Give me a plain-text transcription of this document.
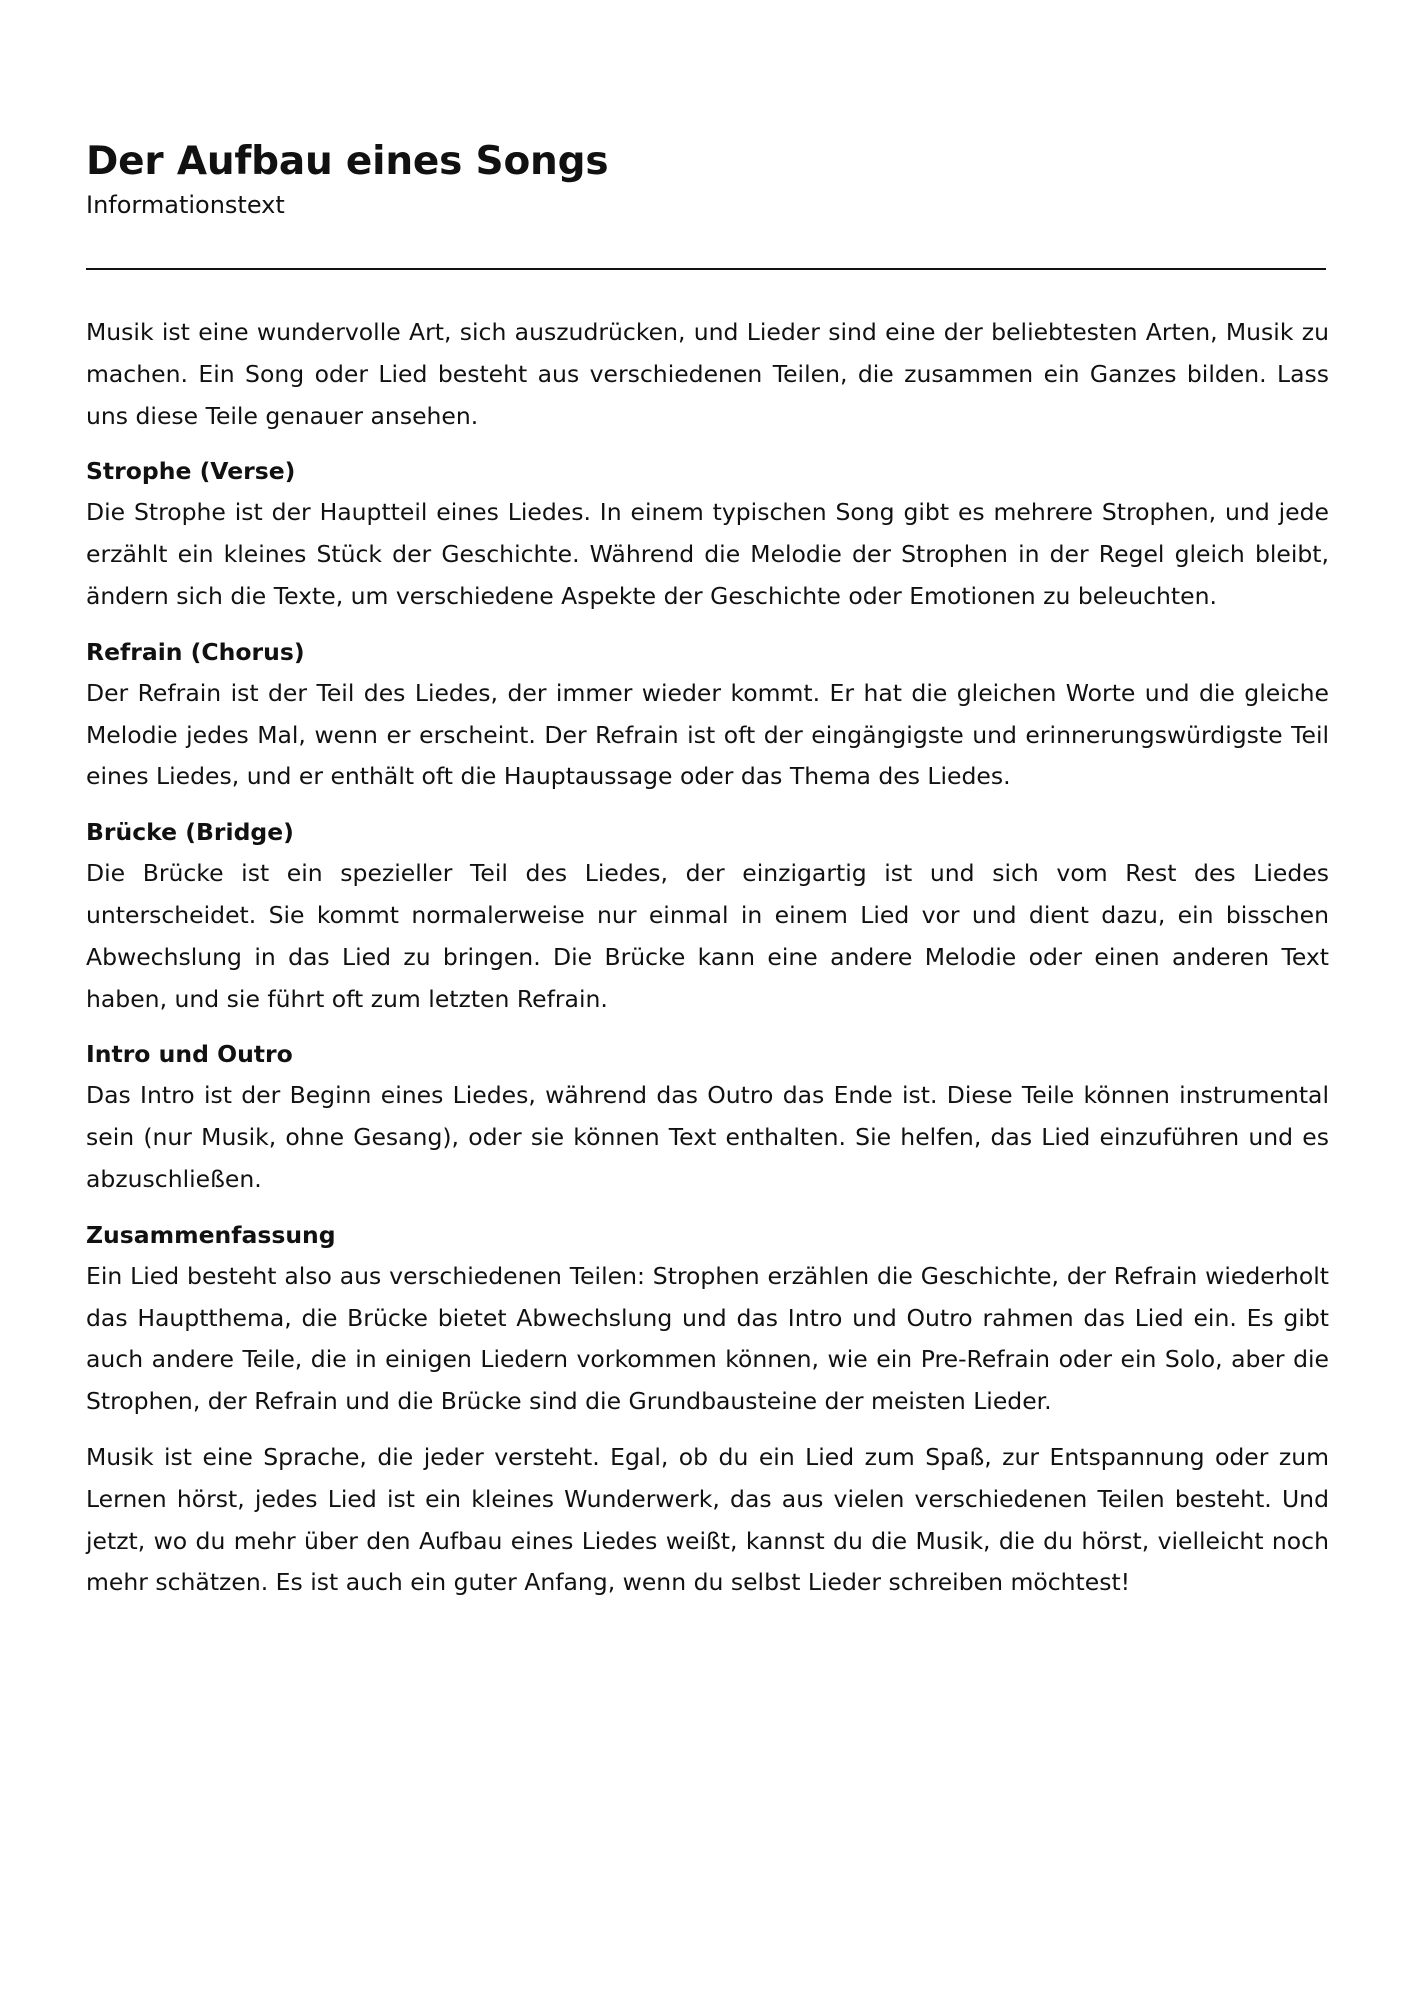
Der Aufbau eines Songs
Informationstext

Musik ist eine wundervolle Art, sich auszudrücken, und Lieder sind eine der beliebtesten Arten, Musik zu machen. Ein Song oder Lied besteht aus verschiedenen Teilen, die zusammen ein Ganzes bilden. Lass uns diese Teile genauer ansehen.

Strophe (Verse)

Die Strophe ist der Hauptteil eines Liedes. In einem typischen Song gibt es mehrere Strophen, und jede erzählt ein kleines Stück der Geschichte. Während die Melodie der Strophen in der Regel gleich bleibt, ändern sich die Texte, um verschiedene Aspekte der Geschichte oder Emotionen zu beleuchten.

Refrain (Chorus)

Der Refrain ist der Teil des Liedes, der immer wieder kommt. Er hat die gleichen Worte und die gleiche Melodie jedes Mal, wenn er erscheint. Der Refrain ist oft der eingängigste und erinnerungswürdigste Teil eines Liedes, und er enthält oft die Hauptaussage oder das Thema des Liedes.

Brücke (Bridge)

Die Brücke ist ein spezieller Teil des Liedes, der einzigartig ist und sich vom Rest des Liedes unterscheidet. Sie kommt normalerweise nur einmal in einem Lied vor und dient dazu, ein bisschen Abwechslung in das Lied zu bringen. Die Brücke kann eine andere Melodie oder einen anderen Text haben, und sie führt oft zum letzten Refrain.

Intro und Outro

Das Intro ist der Beginn eines Liedes, während das Outro das Ende ist. Diese Teile können instrumental sein (nur Musik, ohne Gesang), oder sie können Text enthalten. Sie helfen, das Lied einzuführen und es abzuschließen.

Zusammenfassung

Ein Lied besteht also aus verschiedenen Teilen: Strophen erzählen die Geschichte, der Refrain wiederholt das Hauptthema, die Brücke bietet Abwechslung und das Intro und Outro rahmen das Lied ein. Es gibt auch andere Teile, die in einigen Liedern vorkommen können, wie ein Pre-Refrain oder ein Solo, aber die Strophen, der Refrain und die Brücke sind die Grundbausteine der meisten Lieder.

Musik ist eine Sprache, die jeder versteht. Egal, ob du ein Lied zum Spaß, zur Entspannung oder zum Lernen hörst, jedes Lied ist ein kleines Wunderwerk, das aus vielen verschiedenen Teilen besteht. Und jetzt, wo du mehr über den Aufbau eines Liedes weißt, kannst du die Musik, die du hörst, vielleicht noch mehr schätzen. Es ist auch ein guter Anfang, wenn du selbst Lieder schreiben möchtest!
